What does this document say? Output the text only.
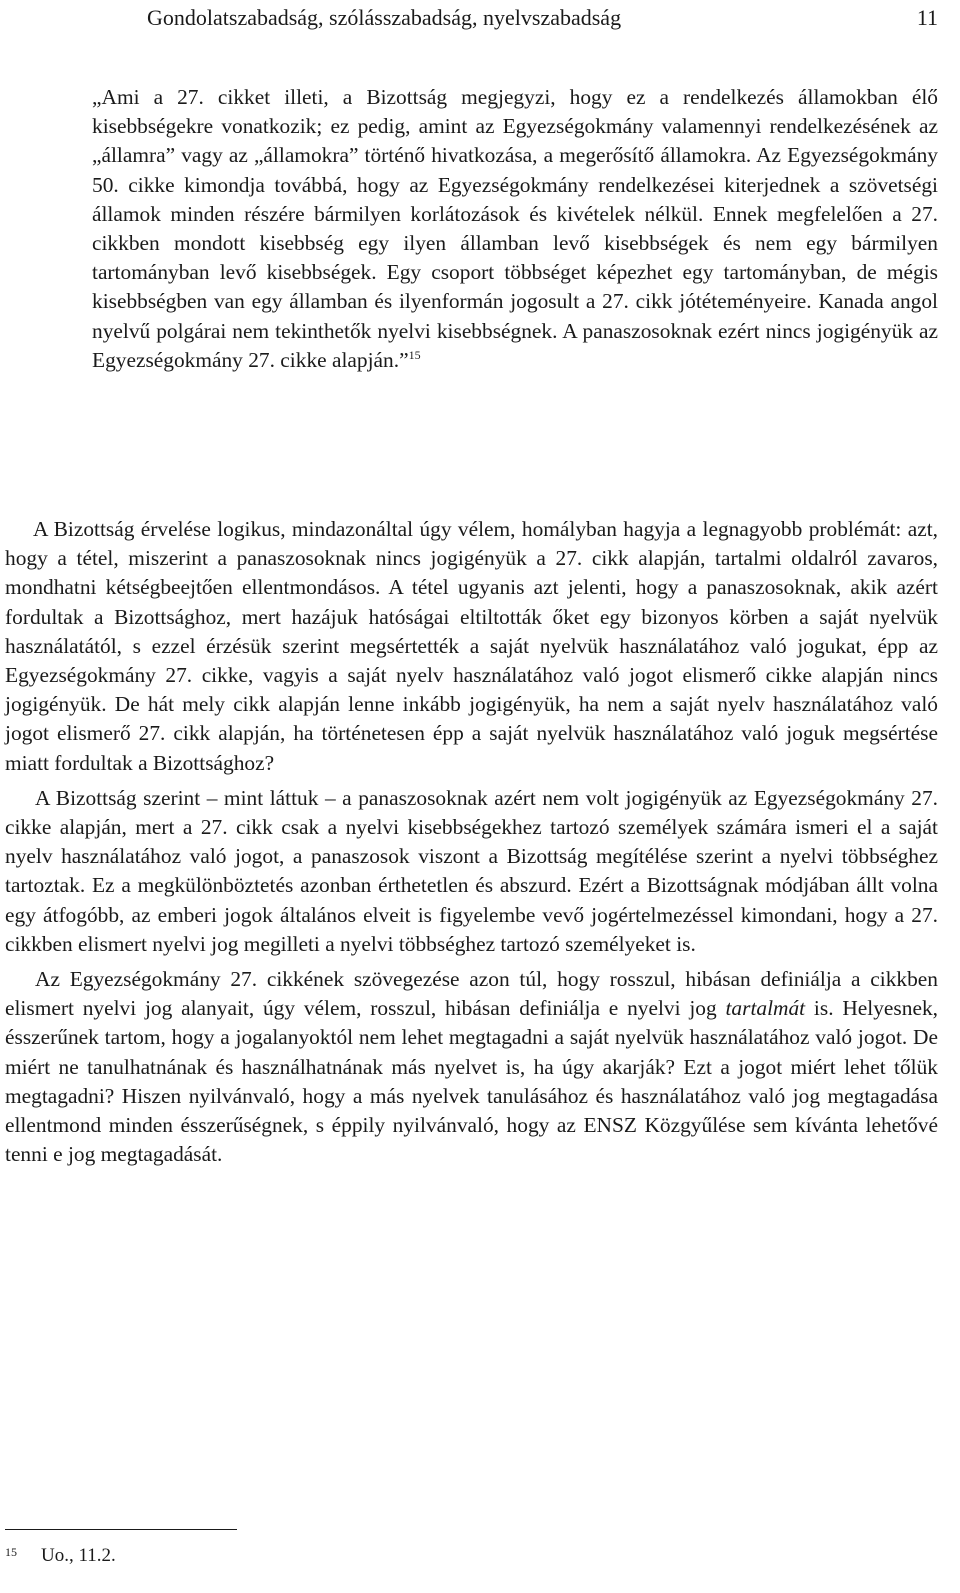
Gondolatszabadság, szólásszabadság, nyelvszabadság	11

„Ami a 27. cikket illeti, a Bizottság megjegyzi, hogy ez a rendelkezés államokban élő kisebbségekre vonatkozik; ez pedig, amint az Egyezségokmány valamennyi rendelkezésének az „államra” vagy az „államokra” történő hivatkozása, a megerősítő államokra. Az Egyezségokmány 50. cikke kimondja továbbá, hogy az Egyezségokmány rendelkezései kiterjednek a szövetségi államok minden részére bármilyen korlátozások és kivételek nélkül. Ennek megfelelően a 27. cikkben mondott kisebbség egy ilyen államban levő kisebbségek és nem egy bármilyen tartományban levő kisebbségek. Egy csoport többséget képezhet egy tartományban, de mégis kisebbségben van egy államban és ilyenformán jogosult a 27. cikk jótéteményeire. Kanada angol nyelvű polgárai nem tekinthetők nyelvi kisebbségnek. A panaszosoknak ezért nincs jogigényük az Egyezségokmány 27. cikke alapján.”$^{15}$

A Bizottság érvelése logikus, mindazonáltal úgy vélem, homályban hagyja a legnagyobb problémát: azt, hogy a tétel, miszerint a panaszosoknak nincs jogigényük a 27. cikk alapján, tartalmi oldalról zavaros, mondhatni kétségbeejtően ellentmondásos. A tétel ugyanis azt jelenti, hogy a panaszosoknak, akik azért fordultak a Bizottsághoz, mert hazájuk hatóságai eltiltották őket egy bizonyos körben a saját nyelvük használatától, s ezzel érzésük szerint megsértették a saját nyelvük használatához való jogukat, épp az Egyezségokmány 27. cikke, vagyis a saját nyelv használatához való jogot elismerő cikke alapján nincs jogigényük. De hát mely cikk alapján lenne inkább jogigényük, ha nem a saját nyelv használatához való jogot elismerő 27. cikk alapján, ha történetesen épp a saját nyelvük használatához való joguk megsértése miatt fordultak a Bizottsághoz?

A Bizottság szerint – mint láttuk – a panaszosoknak azért nem volt jogigényük az Egyezségokmány 27. cikke alapján, mert a 27. cikk csak a nyelvi kisebbségekhez tartozó személyek számára ismeri el a saját nyelv használatához való jogot, a panaszosok viszont a Bizottság megítélése szerint a nyelvi többséghez tartoztak. Ez a megkülönböztetés azonban érthetetlen és abszurd. Ezért a Bizottságnak módjában állt volna egy átfogóbb, az emberi jogok általános elveit is figyelembe vevő jogértelmezéssel kimondani, hogy a 27. cikkben elismert nyelvi jog megilleti a nyelvi többséghez tartozó személyeket is.

Az Egyezségokmány 27. cikkének szövegezése azon túl, hogy rosszul, hibásan definiálja a cikkben elismert nyelvi jog alanyait, úgy vélem, rosszul, hibásan definiálja e nyelvi jog tartalmát is. Helyesnek, ésszerűnek tartom, hogy a jogalanyoktól nem lehet megtagadni a saját nyelvük használatához való jogot. De miért ne tanulhatnának és használhatnának más nyelvet is, ha úgy akarják? Ezt a jogot miért lehet tőlük megtagadni? Hiszen nyilvánvaló, hogy a más nyelvek tanulásához és használatához való jog megtagadása ellentmond minden ésszerűségnek, s éppily nyilvánvaló, hogy az ENSZ Közgyűlése sem kívánta lehetővé tenni e jog megtagadását.

15 Uo., 11.2.
